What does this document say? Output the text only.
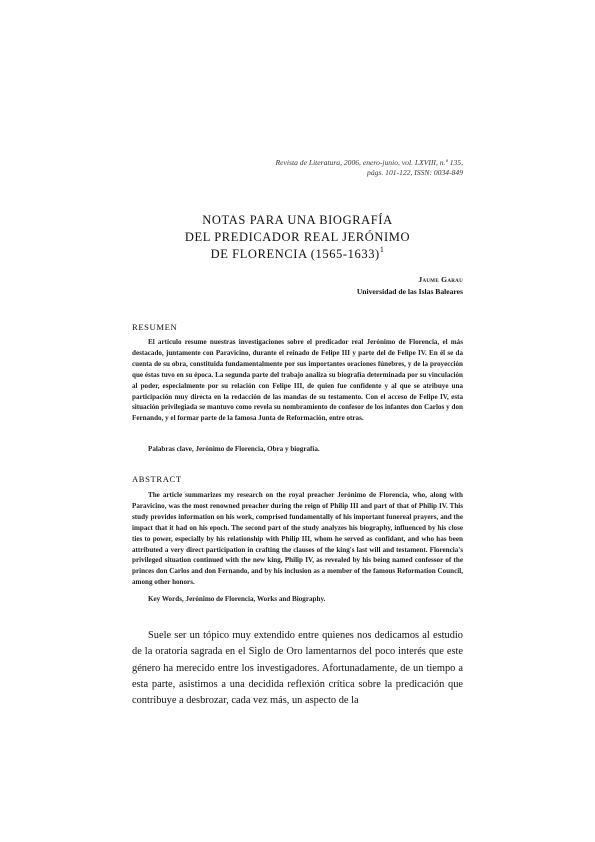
Revista de Literatura, 2006, enero-junio, vol. LXVIII, n.º 135,
págs. 101-122, ISSN: 0034-849
NOTAS PARA UNA BIOGRAFÍA
DEL PREDICADOR REAL JERÓNIMO
DE FLORENCIA (1565-1633)$^1$
Jaume Garau
Universidad de las Islas Baleares
RESUMEN

El artículo resume nuestras investigaciones sobre el predicador real Jerónimo de Florencia, el más destacado, juntamente con Paravicino, durante el reinado de Felipe III y parte del de Felipe IV. En él se da cuenta de su obra, constituida fundamentalmente por sus importantes oraciones fúnebres, y de la proyección que éstas tuvo en su época. La segunda parte del trabajo analiza su biografía determinada por su vinculación al poder, especialmente por su relación con Felipe III, de quien fue confidente y al que se atribuye una participación muy directa en la redacción de las mandas de su testamento. Con el acceso de Felipe IV, esta situación privilegiada se mantuvo como revela su nombramiento de confesor de los infantes don Carlos y don Fernando, y el formar parte de la famosa Junta de Reformación, entre otras.

Palabras clave, Jerónimo de Florencia, Obra y biografía.
ABSTRACT

The article summarizes my research on the royal preacher Jerónimo de Florencia, who, along with Paravicino, was the most renowned preacher during the reign of Philip III and part of that of Philip IV. This study provides information on his work, comprised fundamentally of his important funereal prayers, and the impact that it had on his epoch. The second part of the study analyzes his biography, influenced by his close ties to power, especially by his relationship with Philip III, whom he served as confidant, and who has been attributed a very direct participation in crafting the clauses of the king's last will and testament. Florencia's privileged situation continued with the new king, Philip IV, as revealed by his being named confessor of the princes don Carlos and don Fernando, and by his inclusion as a member of the famous Reformation Council, among other honors.

Key Words, Jerónimo de Florencia, Works and Biography.

Suele ser un tópico muy extendido entre quienes nos dedicamos al estudio de la oratoria sagrada en el Siglo de Oro lamentarnos del poco interés que este género ha merecido entre los investigadores. Afortunadamente, de un tiempo a esta parte, asistimos a una decidida reflexión crítica sobre la predicación que contribuye a desbrozar, cada vez más, un aspecto de la
